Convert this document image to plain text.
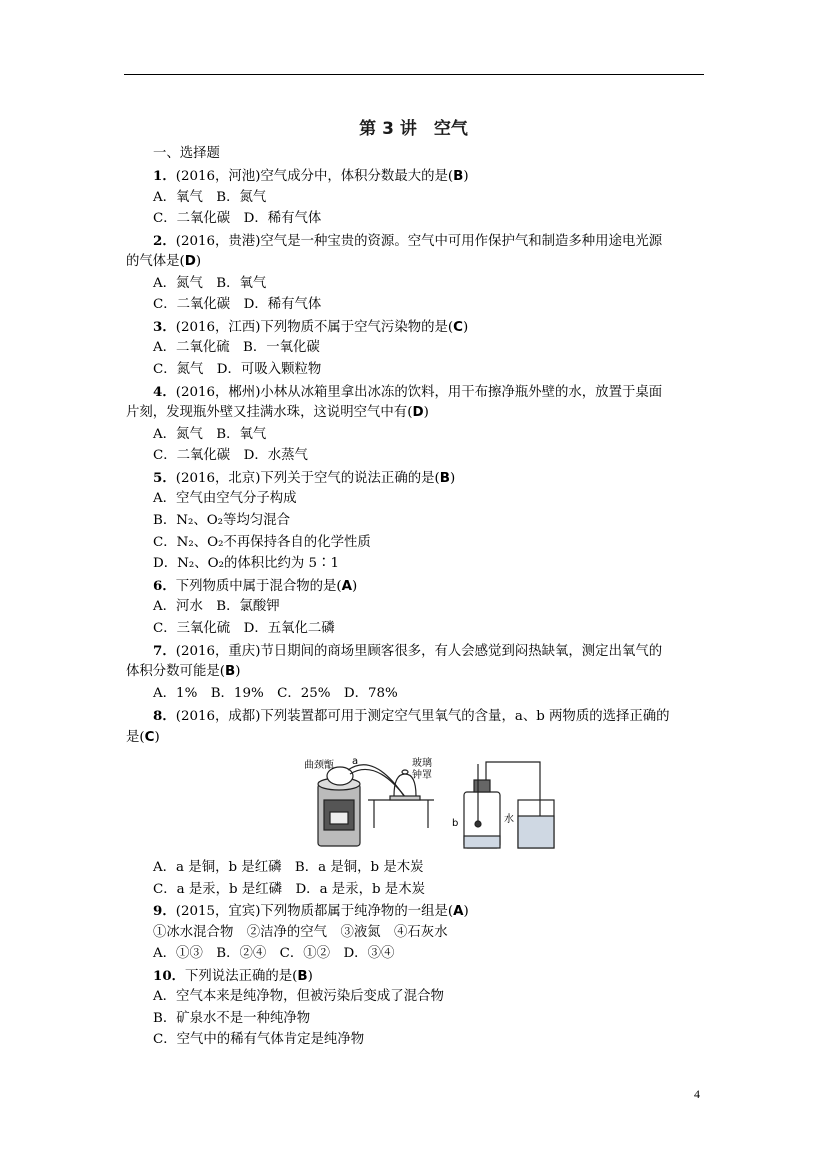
第 3 讲　空气
一、选择题
1．(2016，河池)空气成分中，体积分数最大的是(B)
A．氧气　B．氮气
C．二氧化碳　D．稀有气体
2．(2016，贵港)空气是一种宝贵的资源。空气中可用作保护气和制造多种用途电光源
的气体是(D)
A．氮气　B．氧气
C．二氧化碳　D．稀有气体
3．(2016，江西)下列物质不属于空气污染物的是(C)
A．二氧化硫　B．一氧化碳
C．氮气　D．可吸入颗粒物
4．(2016，郴州)小林从冰箱里拿出冰冻的饮料，用干布擦净瓶外壁的水，放置于桌面
片刻，发现瓶外壁又挂满水珠，这说明空气中有(D)
A．氮气　B．氧气
C．二氧化碳　D．水蒸气
5．(2016，北京)下列关于空气的说法正确的是(B)
A．空气由空气分子构成
B．N₂、O₂等均匀混合
C．N₂、O₂不再保持各自的化学性质
D．N₂、O₂的体积比约为 5∶1
6．下列物质中属于混合物的是(A)
A．河水　B．氯酸钾
C．三氧化硫　D．五氧化二磷
7．(2016，重庆)节日期间的商场里顾客很多，有人会感觉到闷热缺氧，测定出氧气的
体积分数可能是(B)
A．1%　B．19%　C．25%　D．78%
8．(2016，成都)下列装置都可用于测定空气里氧气的含量，a、b 两物质的选择正确的
是(C)
A．a 是铜，b 是红磷　B．a 是铜，b 是木炭
C．a 是汞，b 是红磷　D．a 是汞，b 是木炭
9．(2015，宜宾)下列物质都属于纯净物的一组是(A)
①冰水混合物　②洁净的空气　③液氮　④石灰水
A．①③　B．②④　C．①②　D．③④
10．下列说法正确的是(B)
A．空气本来是纯净物，但被污染后变成了混合物
B．矿泉水不是一种纯净物
C．空气中的稀有气体肯定是纯净物
曲颈甑 a	玻璃
钟罩
b	水
4
